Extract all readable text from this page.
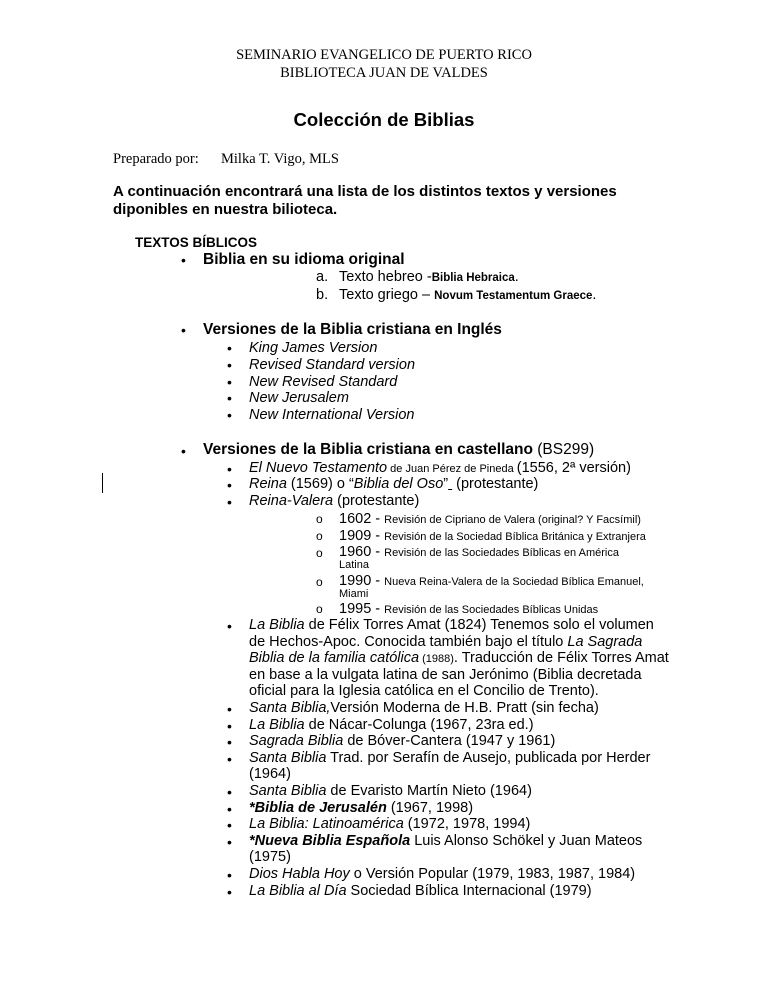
SEMINARIO EVANGELICO DE PUERTO RICO
BIBLIOTECA JUAN DE VALDES
Colección de Biblias
Preparado por: Milka T. Vigo, MLS
A continuación encontrará una lista de los distintos textos y versiones
diponibles en nuestra bilioteca.
TEXTOS BÍBLICOS
• Biblia en su idioma original
a. Texto hebreo -Biblia Hebraica.
b. Texto griego – Novum Testamentum Graece.
• Versiones de la Biblia cristiana en Inglés
• King James Version
• Revised Standard version
• New Revised Standard
• New Jerusalem
• New International Version
• Versiones de la Biblia cristiana en castellano (BS299)
• El Nuevo Testamento de Juan Pérez de Pineda (1556, 2ª versión)
• Reina (1569) o “Biblia del Oso”  (protestante)
• Reina-Valera (protestante)
o 1602 - Revisión de Cipriano de Valera (original? Y Facsímil)
o 1909 - Revisión de la Sociedad Bíblica Británica y Extranjera
o 1960 - Revisión de las Sociedades Bíblicas en América
Latina
o 1990 - Nueva Reina-Valera de la Sociedad Bíblica Emanuel,
Miami
o 1995 - Revisión de las Sociedades Bíblicas Unidas
• La Biblia de Félix Torres Amat (1824) Tenemos solo el volumen
de Hechos-Apoc. Conocida también bajo el título La Sagrada
Biblia de la familia católica (1988). Traducción de Félix Torres Amat
en base a la vulgata latina de san Jerónimo (Biblia decretada
oficial para la Iglesia católica en el Concilio de Trento).
• Santa Biblia,Versión Moderna de H.B. Pratt (sin fecha)
• La Biblia de Nácar-Colunga (1967, 23ra ed.)
• Sagrada Biblia de Bóver-Cantera (1947 y 1961)
• Santa Biblia Trad. por Serafín de Ausejo, publicada por Herder
(1964)
• Santa Biblia de Evaristo Martín Nieto (1964)
• *Biblia de Jerusalén (1967, 1998)
• La Biblia: Latinoamérica (1972, 1978, 1994)
• *Nueva Biblia Española Luis Alonso Schökel y Juan Mateos
(1975)
• Dios Habla Hoy o Versión Popular (1979, 1983, 1987, 1984)
• La Biblia al Día Sociedad Bíblica Internacional (1979)
